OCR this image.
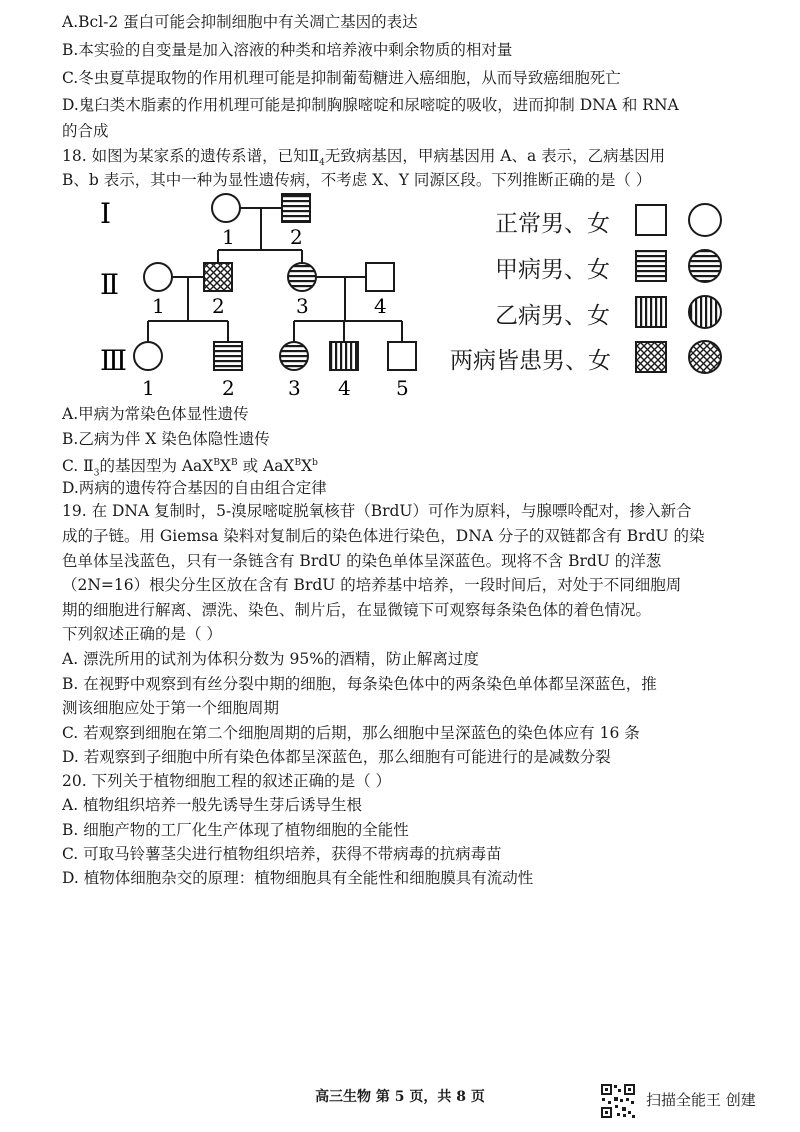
A.Bcl-2 蛋白可能会抑制细胞中有关凋亡基因的表达
B.本实验的自变量是加入溶液的种类和培养液中剩余物质的相对量
C.冬虫夏草提取物的作用机理可能是抑制葡萄糖进入癌细胞，从而导致癌细胞死亡
D.鬼臼类木脂素的作用机理可能是抑制胸腺嘧啶和尿嘧啶的吸收，进而抑制 DNA 和 RNA
的合成
18. 如图为某家系的遗传系谱，已知$Ⅱ_4$无致病基因，甲病基因用 A、a 表示，乙病基因用
B、b 表示，其中一种为显性遗传病，不考虑 X、Y 同源区段。下列推断正确的是（ ）
Ⅰ
Ⅱ
Ⅲ
1	2
1 2	3	4
1	2	3 4 5
正常男、女
甲病男、女
乙病男、女
两病皆患男、女
A.甲病为常染色体显性遗传
B.乙病为伴 X 染色体隐性遗传
C. $Ⅱ_3$的基因型为 $AaX^BX^B$ 或 $AaX^BX^b$
D.两病的遗传符合基因的自由组合定律
19. 在 DNA 复制时，5-溴尿嘧啶脱氧核苷（BrdU）可作为原料，与腺嘌呤配对，掺入新合
成的子链。用 Giemsa 染料对复制后的染色体进行染色，DNA 分子的双链都含有 BrdU 的染
色单体呈浅蓝色，只有一条链含有 BrdU 的染色单体呈深蓝色。现将不含 BrdU 的洋葱
（2N=16）根尖分生区放在含有 BrdU 的培养基中培养，一段时间后，对处于不同细胞周
期的细胞进行解离、漂洗、染色、制片后，在显微镜下可观察每条染色体的着色情况。
下列叙述正确的是（ ）
A. 漂洗所用的试剂为体积分数为 95%的酒精，防止解离过度
B. 在视野中观察到有丝分裂中期的细胞，每条染色体中的两条染色单体都呈深蓝色，推
测该细胞应处于第一个细胞周期
C. 若观察到细胞在第二个细胞周期的后期，那么细胞中呈深蓝色的染色体应有 16 条
D. 若观察到子细胞中所有染色体都呈深蓝色，那么细胞有可能进行的是减数分裂
20. 下列关于植物细胞工程的叙述正确的是（ ）
A. 植物组织培养一般先诱导生芽后诱导生根
B. 细胞产物的工厂化生产体现了植物细胞的全能性
C. 可取马铃薯茎尖进行植物组织培养，获得不带病毒的抗病毒苗
D. 植物体细胞杂交的原理：植物细胞具有全能性和细胞膜具有流动性
高三生物 第 5 页，共 8 页	扫描全能王 创建
